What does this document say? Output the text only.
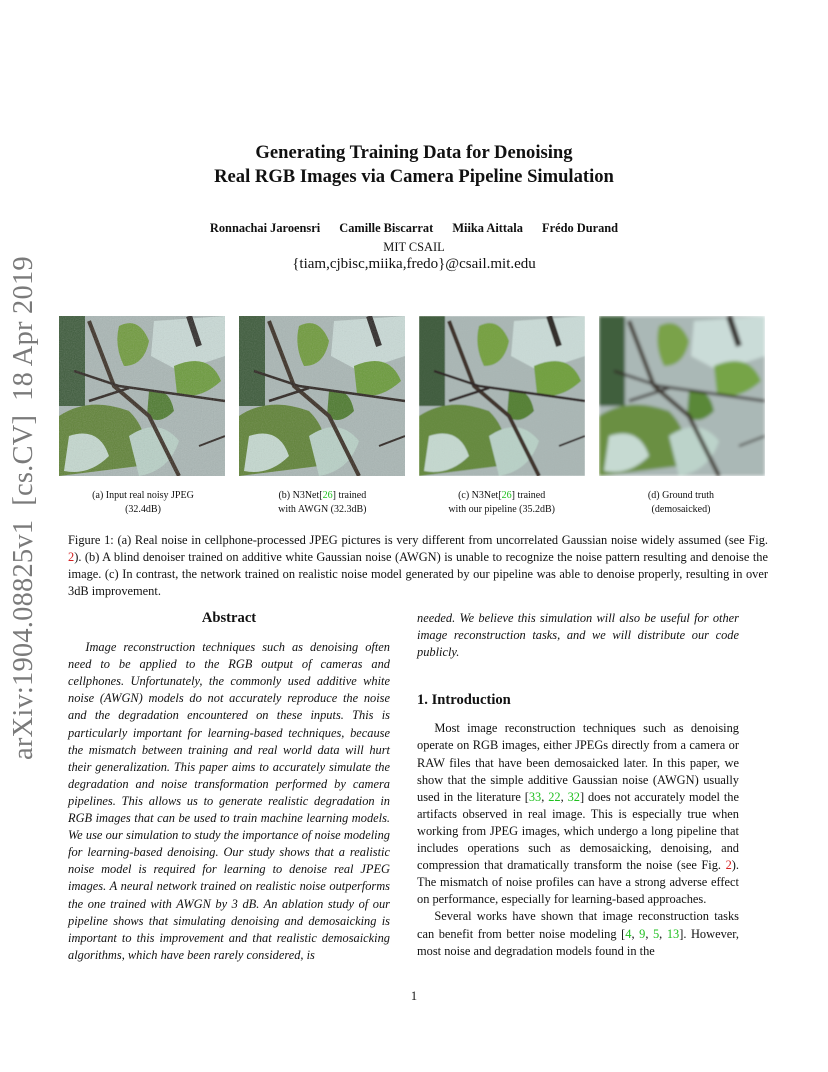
arXiv:1904.08825v1[cs.CV]18 Apr 2019
Generating Training Data for Denoising
Real RGB Images via Camera Pipeline Simulation
Ronnachai Jaroensri Camille Biscarrat Miika Aittala Frédo Durand
MIT CSAIL
{tiam,cjbisc,miika,fredo}@csail.mit.edu
(a) Input real noisy JPEG
(32.4dB)
(b) N3Net[26] trained
with AWGN (32.3dB)
(c) N3Net[26] trained
with our pipeline (35.2dB)
(d) Ground truth
(demosaicked)
Figure 1: (a) Real noise in cellphone-processed JPEG pictures is very different from uncorrelated Gaussian noise widely assumed (see Fig. 2). (b) A blind denoiser trained on additive white Gaussian noise (AWGN) is unable to recognize the noise pattern resulting and denoise the image. (c) In contrast, the network trained on realistic noise model generated by our pipeline was able to denoise properly, resulting in over 3dB improvement.
Abstract

Image reconstruction techniques such as denoising often need to be applied to the RGB output of cameras and cellphones. Unfortunately, the commonly used additive white noise (AWGN) models do not accurately reproduce the noise and the degradation encountered on these inputs. This is particularly important for learning-based techniques, because the mismatch between training and real world data will hurt their generalization. This paper aims to accurately simulate the degradation and noise transformation performed by camera pipelines. This allows us to generate realistic degradation in RGB images that can be used to train machine learning models. We use our simulation to study the importance of noise modeling for learning-based denoising. Our study shows that a realistic noise model is required for learning to denoise real JPEG images. A neural network trained on realistic noise outperforms the one trained with AWGN by 3 dB. An ablation study of our pipeline shows that simulating denoising and demosaicking is important to this improvement and that realistic demosaicking algorithms, which have been rarely considered, is

needed. We believe this simulation will also be useful for other image reconstruction tasks, and we will distribute our code publicly.

1. Introduction

Most image reconstruction techniques such as denoising operate on RGB images, either JPEGs directly from a camera or RAW files that have been demosaicked later. In this paper, we show that the simple additive Gaussian noise (AWGN) usually used in the literature [33, 22, 32] does not accurately model the artifacts observed in real image. This is especially true when working from JPEG images, which undergo a long pipeline that includes operations such as demosaicking, denoising, and compression that dramatically transform the noise (see Fig. 2). The mismatch of noise profiles can have a strong adverse effect on performance, especially for learning-based approaches.

Several works have shown that image reconstruction tasks can benefit from better noise modeling [4, 9, 5, 13]. However, most noise and degradation models found in the

1
